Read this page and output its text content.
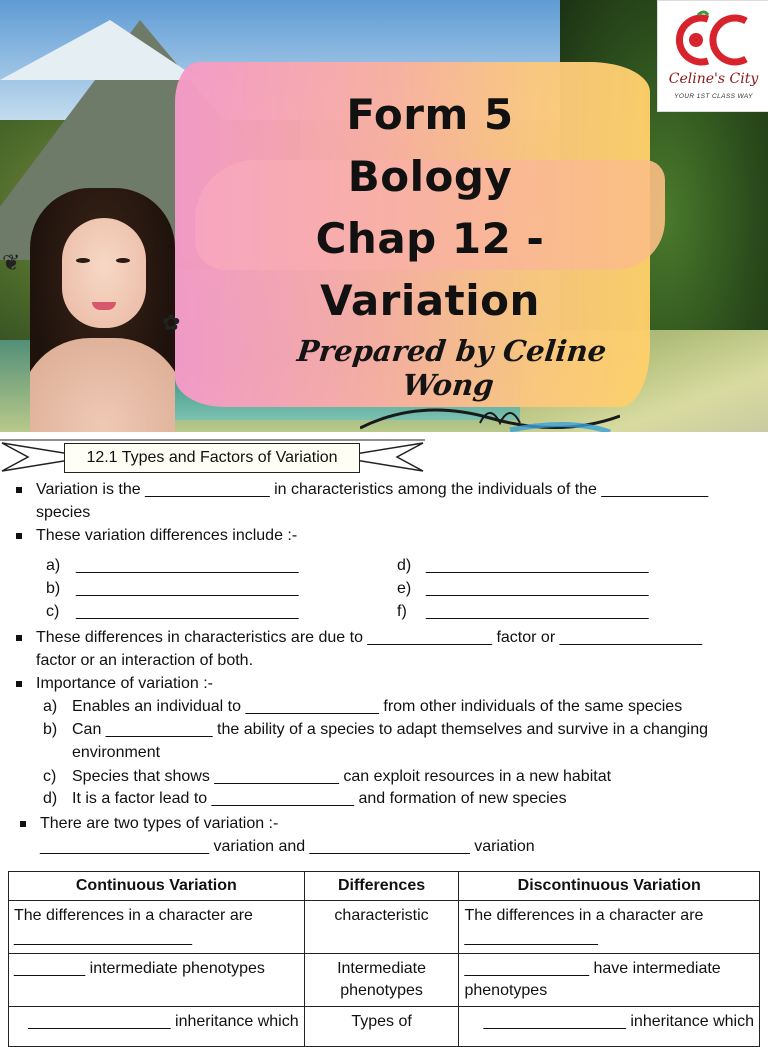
Form 5
Bology
Chap 12 -
Variation
Prepared by Celine Wong
❦
✿
Celine's City
YOUR 1ST CLASS WAY
12.1 Types and Factors of Variation
Variation is the ______________ in characteristics among the individuals of the ____________
species
These variation differences include :-
a) _________________________
b) _________________________
c) _________________________
d) _________________________
e) _________________________
f) _________________________
These differences in characteristics are due to ______________ factor or ________________
factor or an interaction of both.
Importance of variation :-
a) Enables an individual to _______________ from other individuals of the same species
b) Can ____________ the ability of a species to adapt themselves and survive in a changing
environment
c) Species that shows ______________ can exploit resources in a new habitat
d) It is a factor lead to ________________ and formation of new species
There are two types of variation :-
___________________ variation and __________________ variation
Continuous Variation	Differences	Discontinuous Variation
The differences in a character are ____________________	characteristic	The differences in a character are _______________
________ intermediate phenotypes	Intermediate phenotypes	______________ have intermediate phenotypes
________________ inheritance which	Types of	________________ inheritance which
